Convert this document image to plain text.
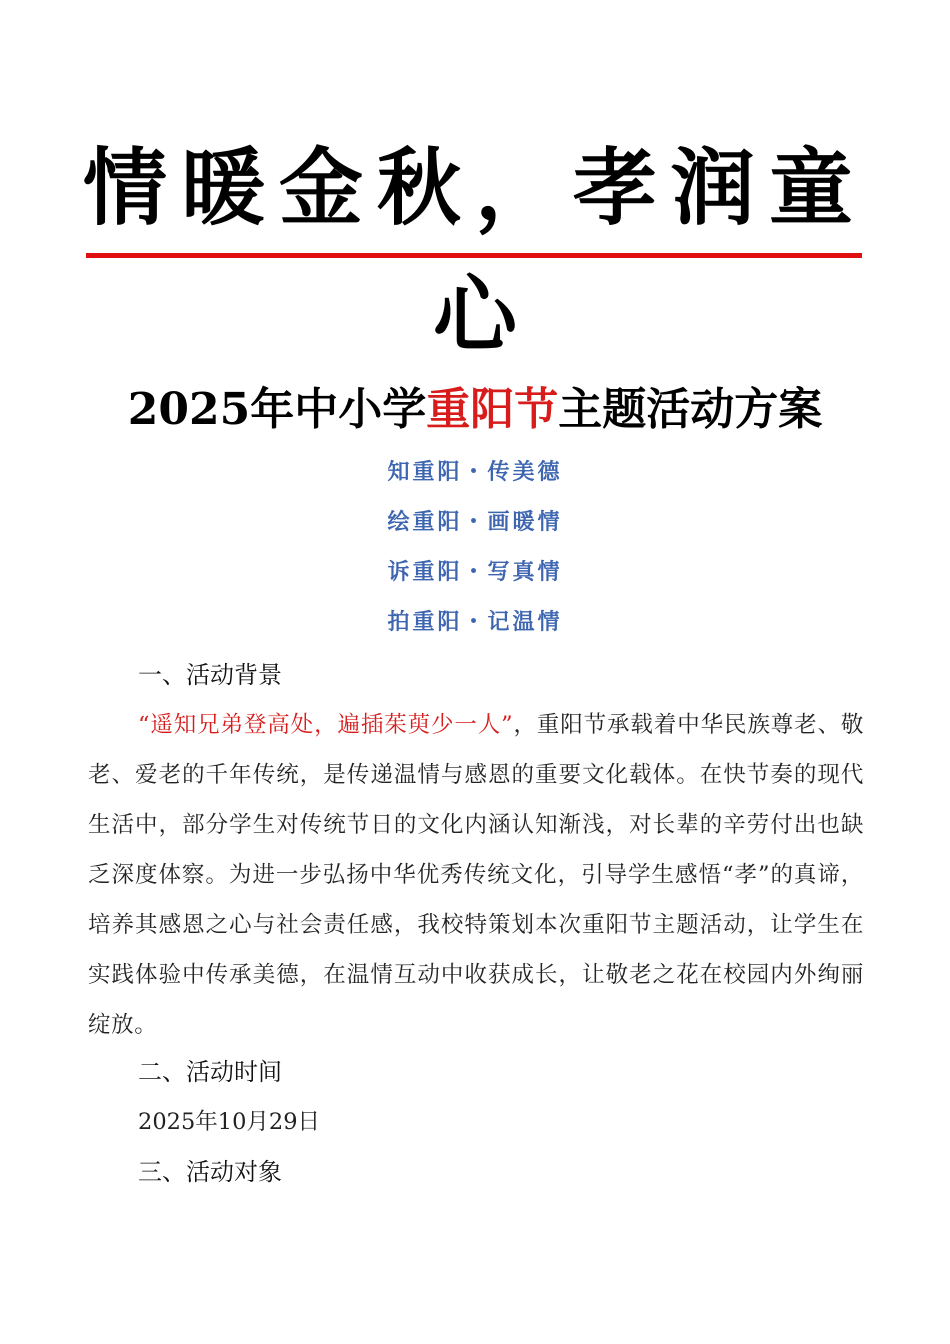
情暖金秋，孝润童
心
2025年中小学重阳节主题活动方案
知重阳・传美德
绘重阳・画暖情
诉重阳・写真情
拍重阳・记温情
一、活动背景
“遥知兄弟登高处，遍插茱萸少一人”，重阳节承载着中华民族尊老、敬老、爱老的千年传统，是传递温情与感恩的重要文化载体。在快节奏的现代生活中，部分学生对传统节日的文化内涵认知渐浅，对长辈的辛劳付出也缺乏深度体察。为进一步弘扬中华优秀传统文化，引导学生感悟“孝”的真谛，培养其感恩之心与社会责任感，我校特策划本次重阳节主题活动，让学生在实践体验中传承美德，在温情互动中收获成长，让敬老之花在校园内外绚丽绽放。
二、活动时间
2025年10月29日
三、活动对象
